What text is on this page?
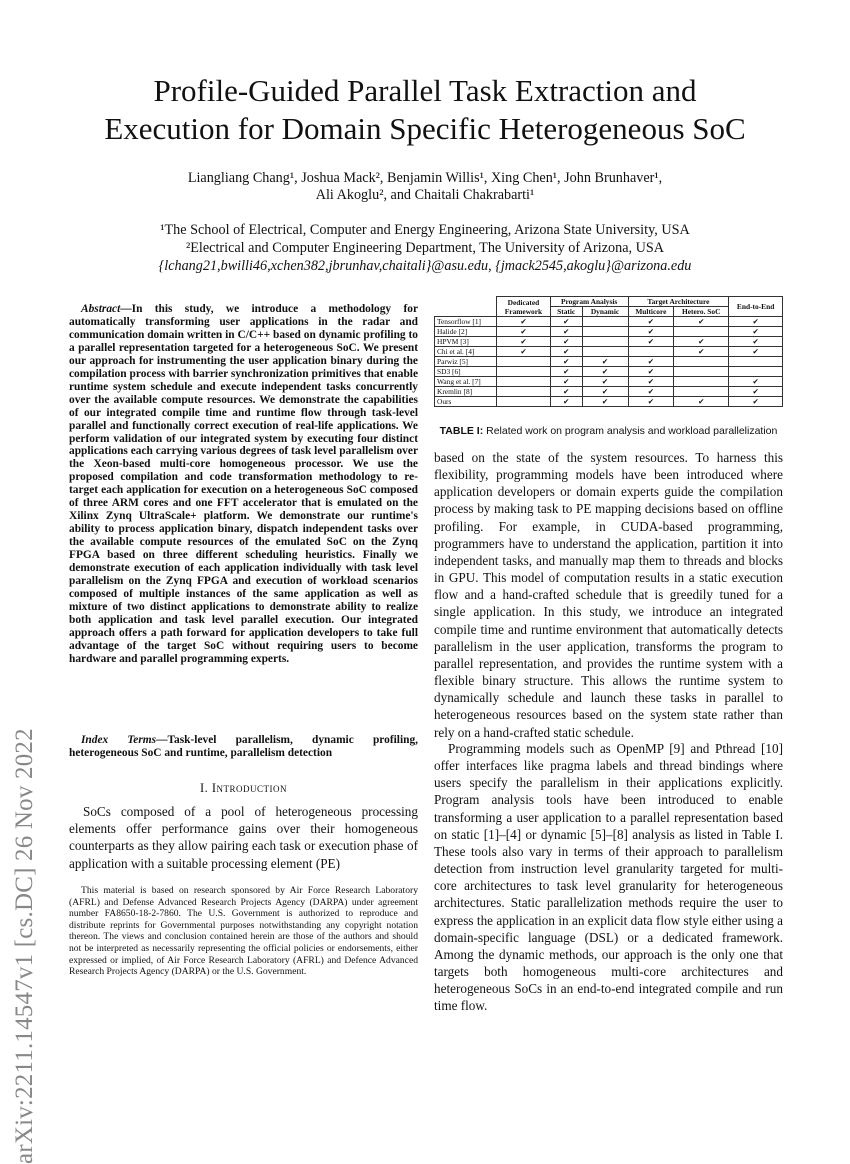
Profile-Guided Parallel Task Extraction and
Execution for Domain Specific Heterogeneous SoC
Liangliang Chang¹, Joshua Mack², Benjamin Willis¹, Xing Chen¹, John Brunhaver¹,
Ali Akoglu², and Chaitali Chakrabarti¹
¹The School of Electrical, Computer and Energy Engineering, Arizona State University, USA
²Electrical and Computer Engineering Department, The University of Arizona, USA
{lchang21,bwilli46,xchen382,jbrunhav,chaitali}@asu.edu, {jmack2545,akoglu}@arizona.edu
arXiv:2211.14547v1 [cs.DC] 26 Nov 2022
Abstract—In this study, we introduce a methodology for automatically transforming user applications in the radar and communication domain written in C/C++ based on dynamic profiling to a parallel representation targeted for a heterogeneous SoC. We present our approach for instrumenting the user application binary during the compilation process with barrier synchronization primitives that enable runtime system schedule and execute independent tasks concurrently over the available compute resources. We demonstrate the capabilities of our integrated compile time and runtime flow through task-level parallel and functionally correct execution of real-life applications. We perform validation of our integrated system by executing four distinct applications each carrying various degrees of task level parallelism over the Xeon-based multi-core homogeneous processor. We use the proposed compilation and code transformation methodology to re-target each application for execution on a heterogeneous SoC composed of three ARM cores and one FFT accelerator that is emulated on the Xilinx Zynq UltraScale+ platform. We demonstrate our runtime's ability to process application binary, dispatch independent tasks over the available compute resources of the emulated SoC on the Zynq FPGA based on three different scheduling heuristics. Finally we demonstrate execution of each application individually with task level parallelism on the Zynq FPGA and execution of workload scenarios composed of multiple instances of the same application as well as mixture of two distinct applications to demonstrate ability to realize both application and task level parallel execution. Our integrated approach offers a path forward for application developers to take full advantage of the target SoC without requiring users to become hardware and parallel programming experts.
Index Terms—Task-level parallelism, dynamic profiling, heterogeneous SoC and runtime, parallelism detection
I. Introduction
SoCs composed of a pool of heterogeneous processing elements offer performance gains over their homogeneous counterparts as they allow pairing each task or execution phase of application with a suitable processing element (PE)
This material is based on research sponsored by Air Force Research Laboratory (AFRL) and Defense Advanced Research Projects Agency (DARPA) under agreement number FA8650-18-2-7860. The U.S. Government is authorized to reproduce and distribute reprints for Governmental purposes notwithstanding any copyright notation thereon. The views and conclusion contained herein are those of the authors and should not be interpreted as necessarily representing the official policies or endorsements, either expressed or implied, of Air Force Research Laboratory (AFRL) and Defence Advanced Research Projects Agency (DARPA) or the U.S. Government.
	Dedicated
Framework	Program Analysis		Target Architecture		End-to-End
		Static	Dynamic	Multicore	Hetero. SoC	
Tensorflow [1]	✔	✔		✔	✔	✔
Halide [2]	✔	✔		✔		✔
HPVM [3]	✔	✔		✔	✔	✔
Chi et al. [4]	✔	✔			✔	✔
Parwiz [5]		✔	✔	✔		
SD3 [6]		✔	✔	✔		
Wang et al. [7]		✔	✔	✔		✔
Kremlin [8]		✔	✔	✔		✔
Ours		✔	✔	✔	✔	✔
TABLE I: Related work on program analysis and workload parallelization
based on the state of the system resources. To harness this flexibility, programming models have been introduced where application developers or domain experts guide the compilation process by making task to PE mapping decisions based on offline profiling. For example, in CUDA-based programming, programmers have to understand the application, partition it into independent tasks, and manually map them to threads and blocks in GPU. This model of computation results in a static execution flow and a hand-crafted schedule that is greedily tuned for a single application. In this study, we introduce an integrated compile time and runtime environment that automatically detects parallelism in the user application, transforms the program to parallel representation, and provides the runtime system with a flexible binary structure. This allows the runtime system to dynamically schedule and launch these tasks in parallel to heterogeneous resources based on the system state rather than rely on a hand-crafted static schedule.
Programming models such as OpenMP [9] and Pthread [10] offer interfaces like pragma labels and thread bindings where users specify the parallelism in their applications explicitly. Program analysis tools have been introduced to enable transforming a user application to a parallel representation based on static [1]–[4] or dynamic [5]–[8] analysis as listed in Table I. These tools also vary in terms of their approach to parallelism detection from instruction level granularity targeted for multi-core architectures to task level granularity for heterogeneous architectures. Static parallelization methods require the user to express the application in an explicit data flow style either using a domain-specific language (DSL) or a dedicated framework. Among the dynamic methods, our approach is the only one that targets both homogeneous multi-core architectures and heterogeneous SoCs in an end-to-end integrated compile and run time flow.
